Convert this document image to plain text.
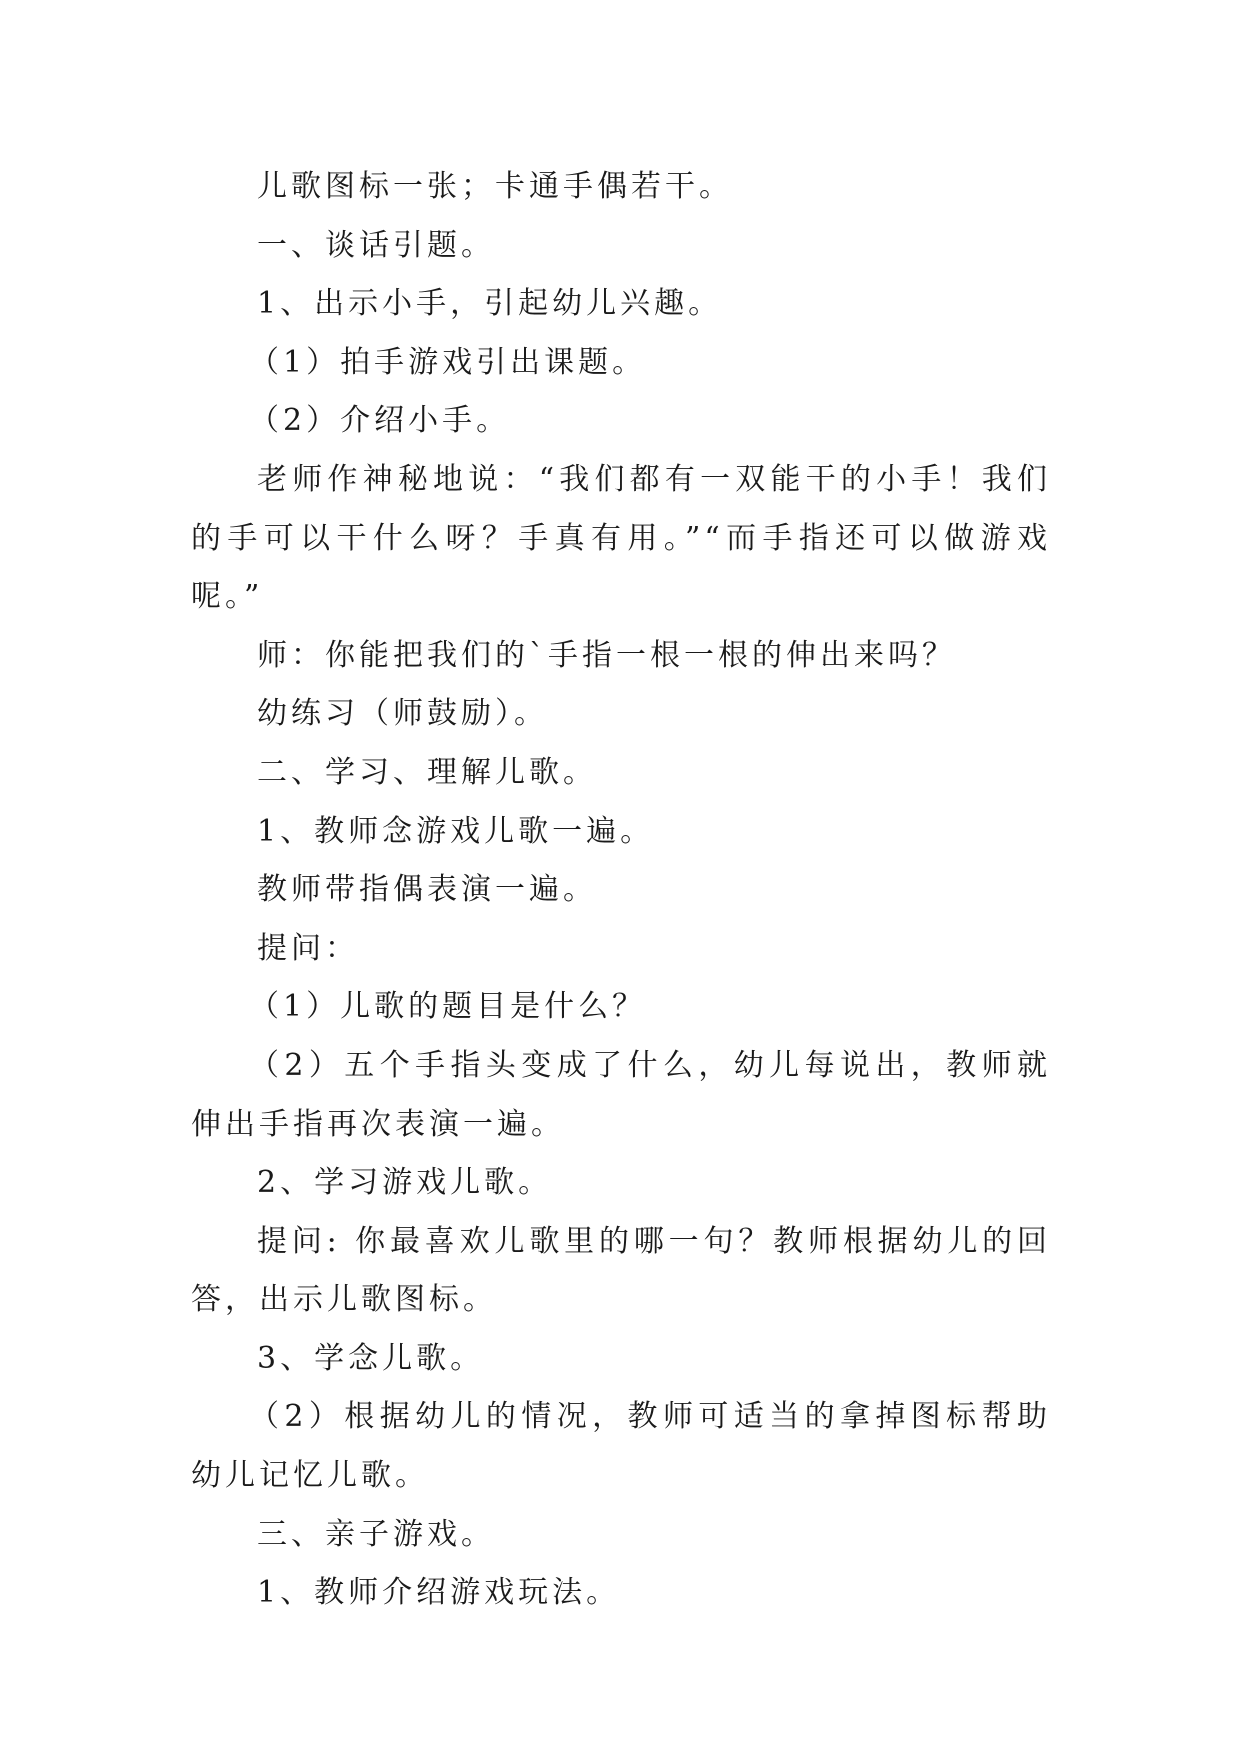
儿歌图标一张；卡通手偶若干。

一、谈话引题。

1、出示小手，引起幼儿兴趣。

（1）拍手游戏引出课题。

（2）介绍小手。

老师作神秘地说：“我们都有一双能干的小手！我们的手可以干什么呀？手真有用。”“而手指还可以做游戏呢。”

师：你能把我们的`手指一根一根的伸出来吗？

幼练习（师鼓励）。

二、学习、理解儿歌。

1、教师念游戏儿歌一遍。

教师带指偶表演一遍。

提问：

（1）儿歌的题目是什么？

（2）五个手指头变成了什么，幼儿每说出，教师就伸出手指再次表演一遍。

2、学习游戏儿歌。

提问: 你最喜欢儿歌里的哪一句？教师根据幼儿的回答，出示儿歌图标。

3、学念儿歌。

（2）根据幼儿的情况，教师可适当的拿掉图标帮助幼儿记忆儿歌。

三、亲子游戏。

1、教师介绍游戏玩法。
